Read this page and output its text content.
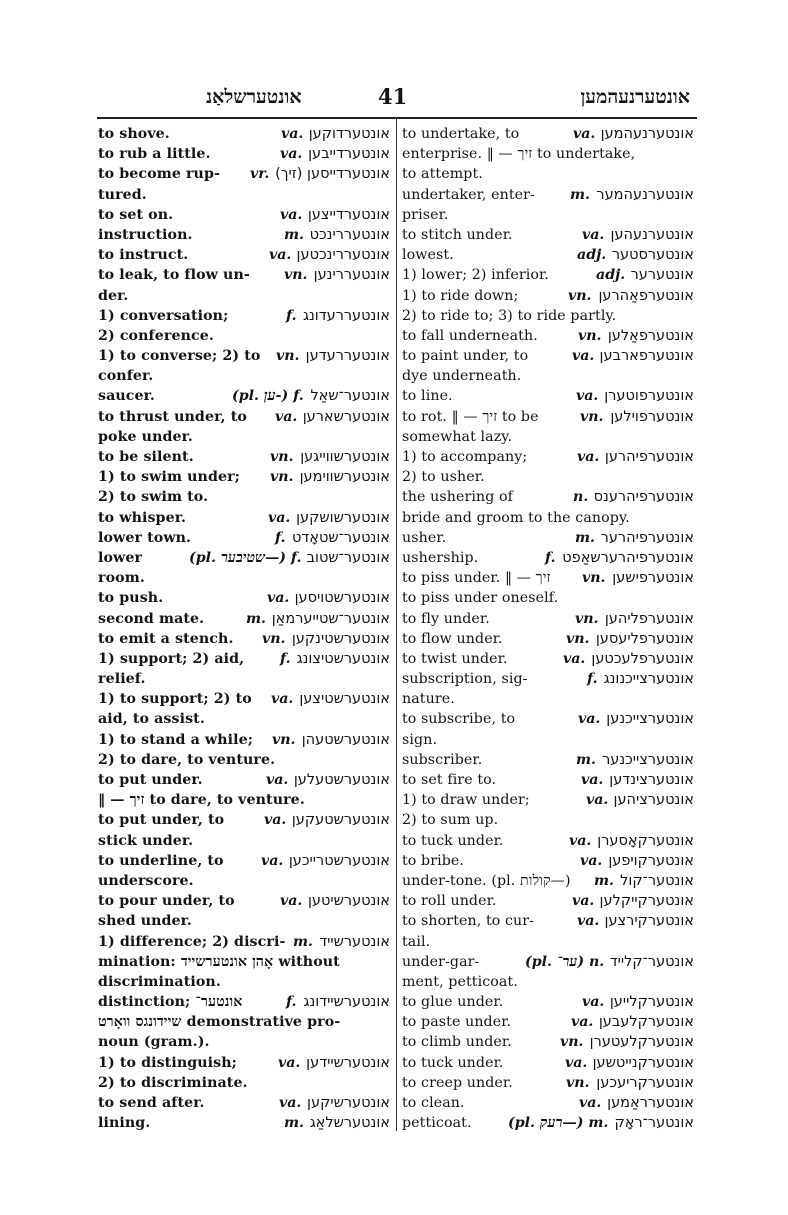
אונטערשלאַנ	41	אונטערנעהמען
to shove.	va. אונטערדוקען
to rub a little.	va. אונטערדייבען
to become rup- vr. אונטערדייסען (זיך)
tured.
to set on.	va. אונטערדייצען
instruction.	m. אונטעררינכט
to instruct.	va. אונטעררינכטען
to leak, to flow un- vn. אונטעררינען
der.
1) conversation;	f. אונטעררעדונג
2) conference.
1) to converse; 2) to vn. אונטעררעדען
confer.
saucer.	(pl. ען‑) f. אונטער־שאַל
to thrust under, to va. אונטערשארען
poke under.
to be silent.	vn. אונטערשווייגען
1) to swim under; vn. אונטערשווימען
2) to swim to.
to whisper.	va. אונטערשושקען
lower town.	f. אונטער־שטאָדט
lower	(pl. שטיבער—) f. אונטער־שטוב
room.
to push.	va. אונטערשטויסען
second mate.	m. אונטער־שטייערמאַן
to emit a stench. vn. אונטערשטינקען
1) support; 2) aid,	f. אונטערשטיצונג
relief.
1) to support; 2) to va. אונטערשטיצען
aid, to assist.
1) to stand a while; vn. אונטערשטעהן
2) to dare, to venture.
to put under.	va. אונטערשטעלען
‖ — זיך to dare, to venture.
to put under, to	va. אונטערשטעקען
stick under.
to underline, to	va. אונטערשטרייכען
underscore.
to pour under, to	va. אונטערשיטען
shed under.
1) difference; 2) discri- m. אונטערשייד
mination: אָהן אונטערשייד without
discrimination.
distinction; אונטער־	f. אונטערשיידונג
שיידונגס וואָרט demonstrative pro-
noun (gram.).
1) to distinguish;	va. אונטערשיידען
2) to discriminate.
to send after.	va. אונטערשיקען
lining.	m. אונטערשלאַג
to undertake, to	va. אונטערנעהמען
enterprise. ‖ — זיך to undertake,
to attempt.
undertaker, enter- m. אונטערנעהמער
priser.
to stitch under.	va. אונטערנעהען
lowest.	adj. אונטערסטער
1) lower; 2) inferior.	adj. אונטערער
1) to ride down;	vn. אונטערפאַהרען
2) to ride to; 3) to ride partly.
to fall underneath.	vn. אונטערפאַלען
to paint under, to	va. אונטערפארבען
dye underneath.
to line.	va. אונטערפוטערן
to rot. ‖ — זיך to be	vn. אונטערפוילען
somewhat lazy.
1) to accompany;	va. אונטערפיהרען
2) to usher.
the ushering of	n. אונטערפיהרענס
bride and groom to the canopy.
usher.	m. אונטערפיהרער
ushership.	f. אונטערפיהרערשאַפט
to piss under. ‖ — זיך vn. אונטערפישען
to piss under oneself.
to fly under.	vn. אונטערפליהען
to flow under.	vn. אונטערפליעסען
to twist under.	va. אונטערפלעכטען
subscription, sig-	f. אונטערצייכנונג
nature.
to subscribe, to	va. אונטערצייכנען
sign.
subscriber.	m. אונטערצייכנער
to set fire to.	va. אונטערצינדען
1) to draw under;	va. אונטערציהען
2) to sum up.
to tuck under.	va. אונטערקאָסערן
to bribe.	va. אונטערקויפען
under-tone. (pl. קולות—) m. אונטער־קול
to roll under.	va. אונטערקייקלען
to shorten, to cur-	va. אונטערקירצען
tail.
under-gar-	(pl. ער־) n. אונטער־קלייד
ment, petticoat.
to glue under.	va. אונטערקלייען
to paste under.	va. אונטערקלעבען
to climb under.	vn. אונטערקלעטערן
to tuck under.	va. אונטערקנייטשען
to creep under.	vn. אונטערקריעכען
to clean.	va. אונטערראַמען
petticoat.	(pl. רעק—) m. אונטער־ראָק
